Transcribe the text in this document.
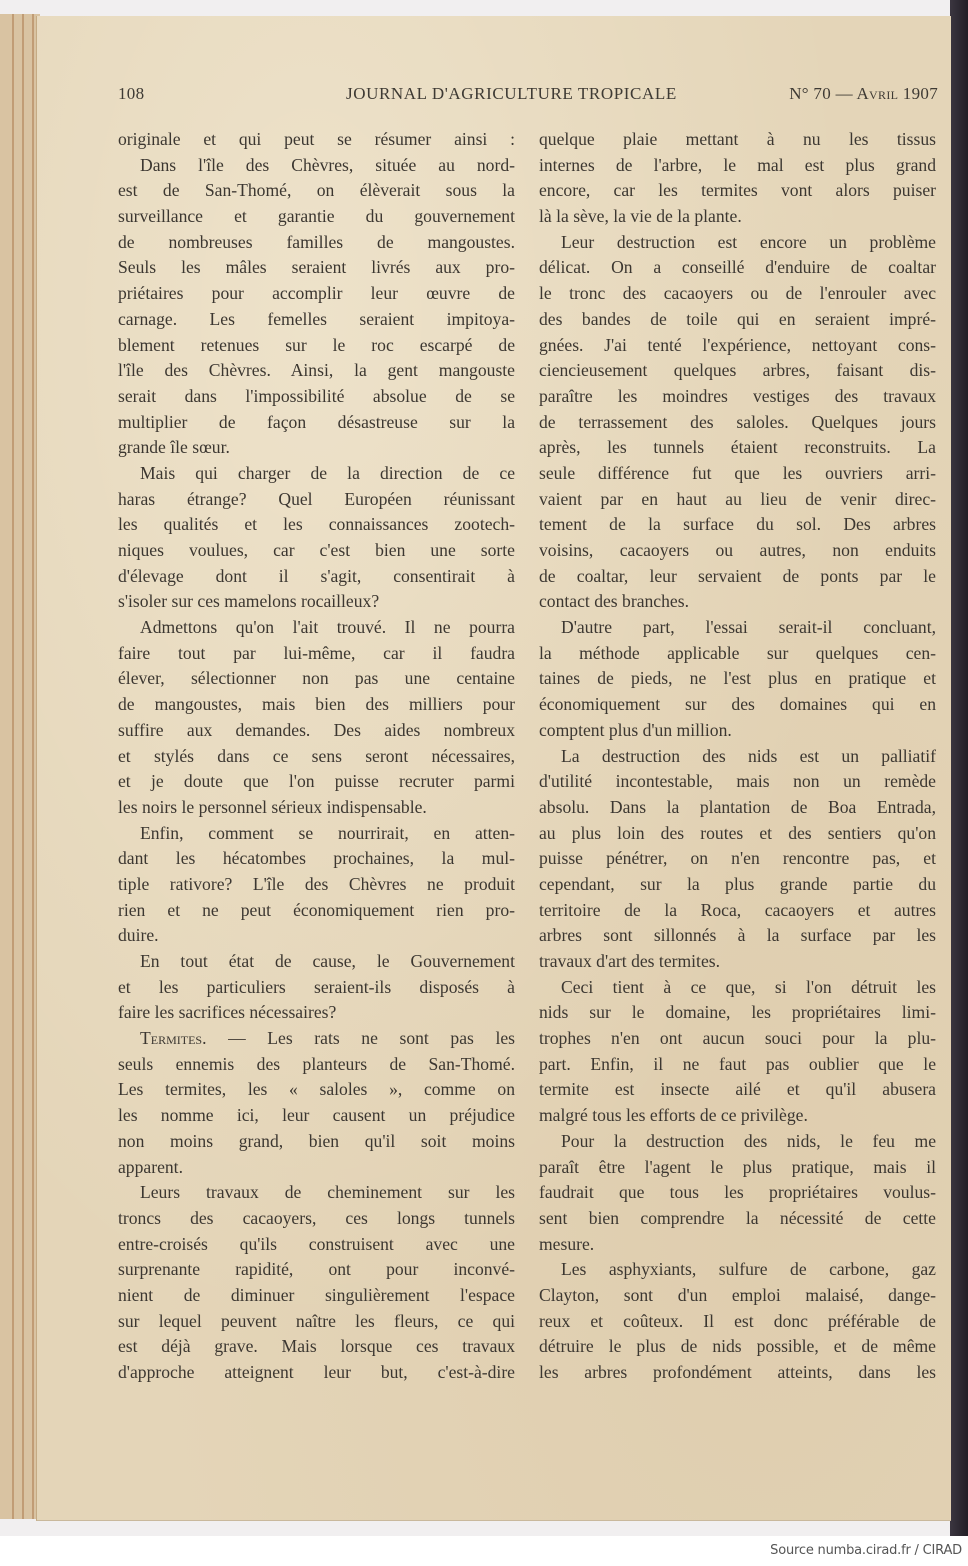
108	JOURNAL D'AGRICULTURE TROPICALE	N° 70 — Avril 1907
originale et qui peut se résumer ainsi :
Dans l'île des Chèvres, située au nord-
est de San-Thomé, on élèverait sous la
surveillance et garantie du gouvernement
de nombreuses familles de mangoustes.
Seuls les mâles seraient livrés aux pro-
priétaires pour accomplir leur œuvre de
carnage. Les femelles seraient impitoya-
blement retenues sur le roc escarpé de
l'île des Chèvres. Ainsi, la gent mangouste
serait dans l'impossibilité absolue de se
multiplier de façon désastreuse sur la
grande île sœur.
Mais qui charger de la direction de ce
haras étrange? Quel Européen réunissant
les qualités et les connaissances zootech-
niques voulues, car c'est bien une sorte
d'élevage dont il s'agit, consentirait à
s'isoler sur ces mamelons rocailleux?
Admettons qu'on l'ait trouvé. Il ne pourra
faire tout par lui-même, car il faudra
élever, sélectionner non pas une centaine
de mangoustes, mais bien des milliers pour
suffire aux demandes. Des aides nombreux
et stylés dans ce sens seront nécessaires,
et je doute que l'on puisse recruter parmi
les noirs le personnel sérieux indispensable.
Enfin, comment se nourrirait, en atten-
dant les hécatombes prochaines, la mul-
tiple rativore? L'île des Chèvres ne produit
rien et ne peut économiquement rien pro-
duire.
En tout état de cause, le Gouvernement
et les particuliers seraient-ils disposés à
faire les sacrifices nécessaires?
Termites. — Les rats ne sont pas les
seuls ennemis des planteurs de San-Thomé.
Les termites, les « saloles », comme on
les nomme ici, leur causent un préjudice
non moins grand, bien qu'il soit moins
apparent.
Leurs travaux de cheminement sur les
troncs des cacaoyers, ces longs tunnels
entre-croisés qu'ils construisent avec une
surprenante rapidité, ont pour inconvé-
nient de diminuer singulièrement l'espace
sur lequel peuvent naître les fleurs, ce qui
est déjà grave. Mais lorsque ces travaux
d'approche atteignent leur but, c'est-à-dire
quelque plaie mettant à nu les tissus
internes de l'arbre, le mal est plus grand
encore, car les termites vont alors puiser
là la sève, la vie de la plante.
Leur destruction est encore un problème
délicat. On a conseillé d'enduire de coaltar
le tronc des cacaoyers ou de l'enrouler avec
des bandes de toile qui en seraient impré-
gnées. J'ai tenté l'expérience, nettoyant cons-
ciencieusement quelques arbres, faisant dis-
paraître les moindres vestiges des travaux
de terrassement des saloles. Quelques jours
après, les tunnels étaient reconstruits. La
seule différence fut que les ouvriers arri-
vaient par en haut au lieu de venir direc-
tement de la surface du sol. Des arbres
voisins, cacaoyers ou autres, non enduits
de coaltar, leur servaient de ponts par le
contact des branches.
D'autre part, l'essai serait-il concluant,
la méthode applicable sur quelques cen-
taines de pieds, ne l'est plus en pratique et
économiquement sur des domaines qui en
comptent plus d'un million.
La destruction des nids est un palliatif
d'utilité incontestable, mais non un remède
absolu. Dans la plantation de Boa Entrada,
au plus loin des routes et des sentiers qu'on
puisse pénétrer, on n'en rencontre pas, et
cependant, sur la plus grande partie du
territoire de la Roca, cacaoyers et autres
arbres sont sillonnés à la surface par les
travaux d'art des termites.
Ceci tient à ce que, si l'on détruit les
nids sur le domaine, les propriétaires limi-
trophes n'en ont aucun souci pour la plu-
part. Enfin, il ne faut pas oublier que le
termite est insecte ailé et qu'il abusera
malgré tous les efforts de ce privilège.
Pour la destruction des nids, le feu me
paraît être l'agent le plus pratique, mais il
faudrait que tous les propriétaires voulus-
sent bien comprendre la nécessité de cette
mesure.
Les asphyxiants, sulfure de carbone, gaz
Clayton, sont d'un emploi malaisé, dange-
reux et coûteux. Il est donc préférable de
détruire le plus de nids possible, et de même
les arbres profondément atteints, dans les
Source numba.cirad.fr / CIRAD
